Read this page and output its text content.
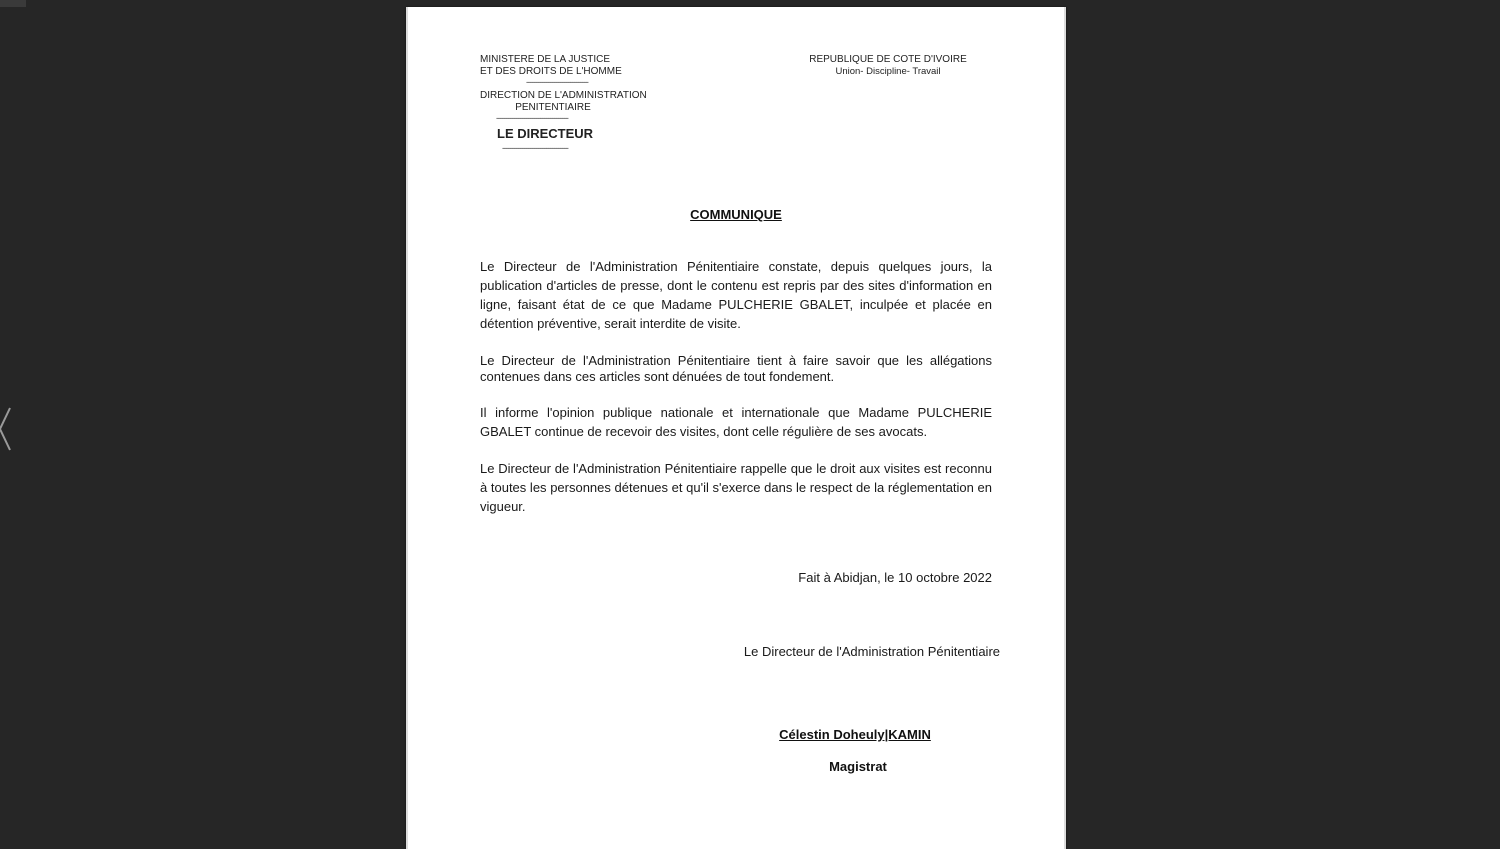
MINISTERE DE LA JUSTICE
ET DES DROITS DE L'HOMME
-------------------------------
DIRECTION DE L'ADMINISTRATION
PENITENTIAIRE
------------------------------------
LE DIRECTEUR
---------------------------------
REPUBLIQUE DE COTE D'IVOIRE

Union- Discipline- Travail
COMMUNIQUE

Le Directeur de l'Administration Pénitentiaire constate, depuis quelques jours, la publication d'articles de presse, dont le contenu est repris par des sites d'information en ligne, faisant état de ce que Madame PULCHERIE GBALET, inculpée et placée en détention préventive, serait interdite de visite.

Le Directeur de l'Administration Pénitentiaire tient à faire savoir que les allégations contenues dans ces articles sont dénuées de tout fondement.

Il informe l'opinion publique nationale et internationale que Madame PULCHERIE GBALET continue de recevoir des visites, dont celle régulière de ses avocats.

Le Directeur de l'Administration Pénitentiaire rappelle que le droit aux visites est reconnu à toutes les personnes détenues et qu'il s'exerce dans le respect de la réglementation en vigueur.

Fait à Abidjan, le 10 octobre 2022
Le Directeur de l'Administration Pénitentiaire
Célestin Doheuly|KAMIN
Magistrat
